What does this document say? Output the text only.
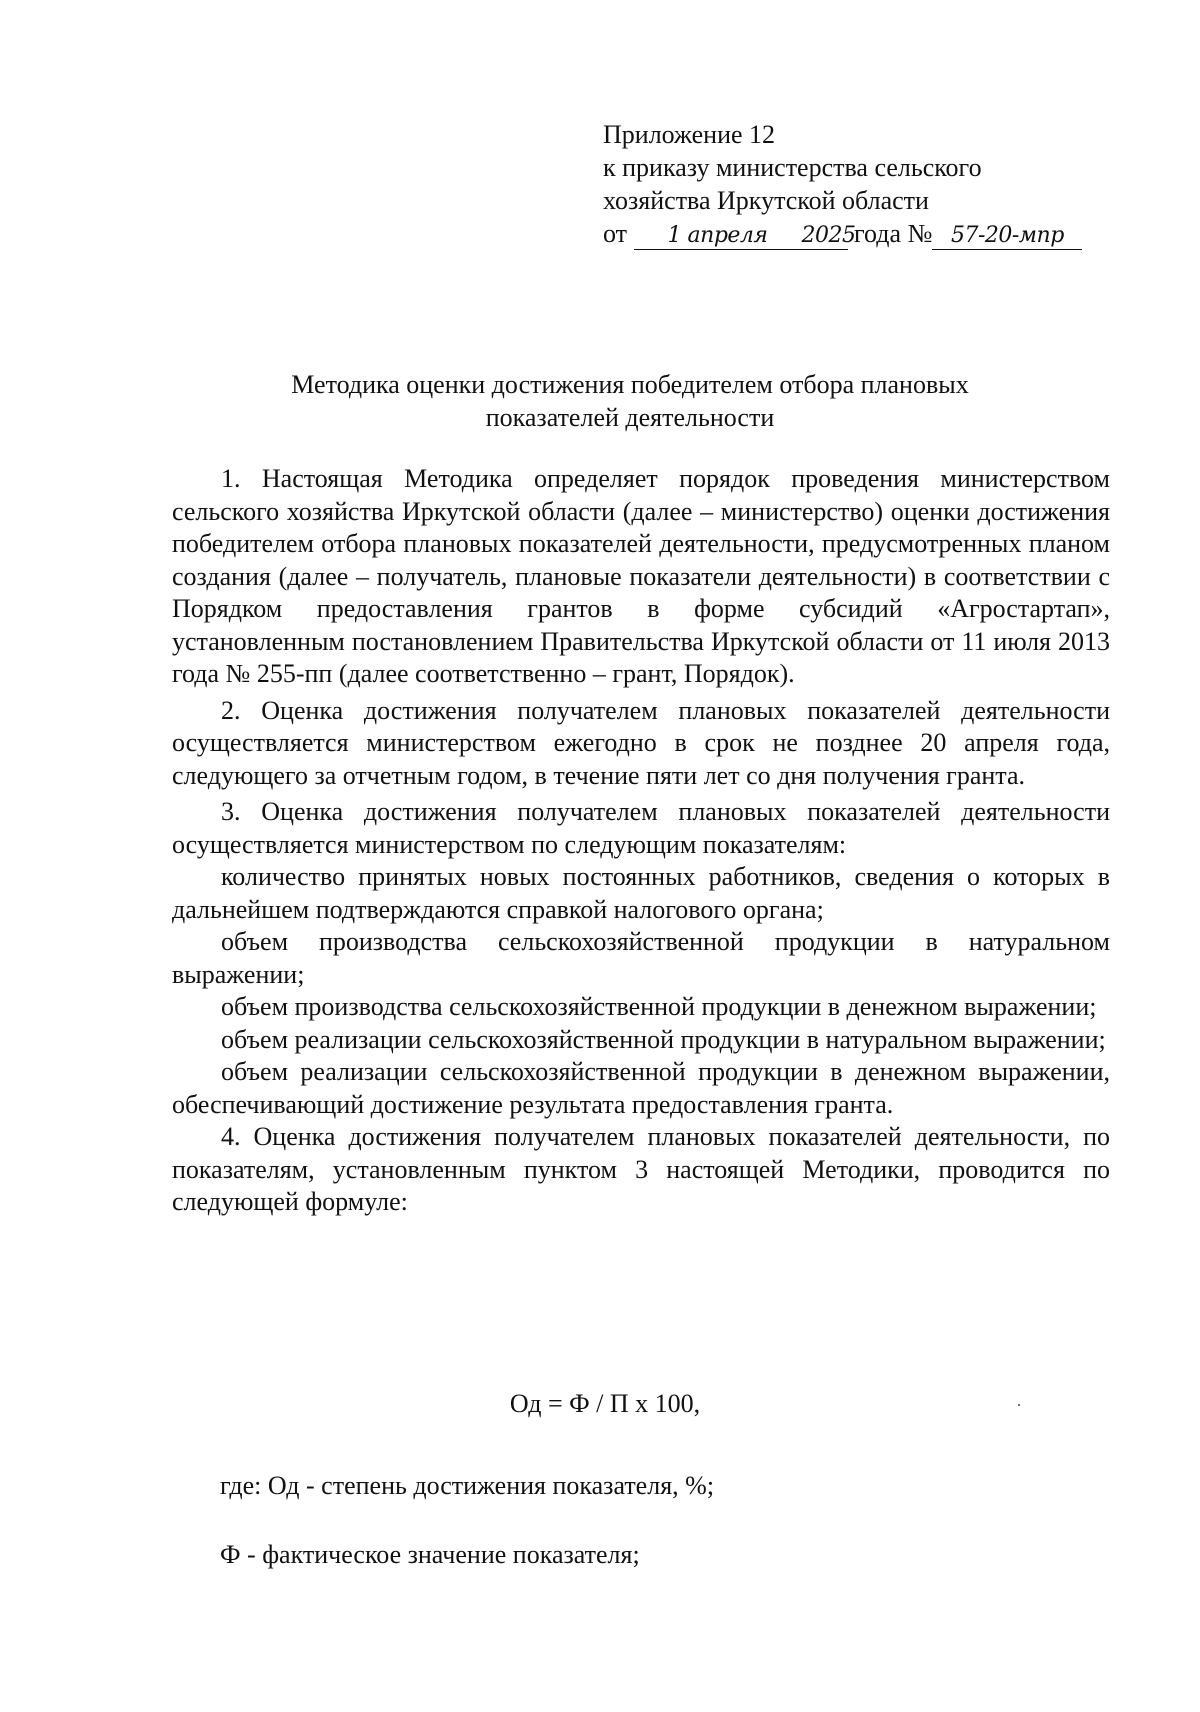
Приложение 12
к приказу министерства сельского
хозяйства Иркутской области
от 1 апреля 2025 года № 57-20-мпр
Методика оценки достижения победителем отбора плановых
показателей деятельности

1. Настоящая Методика определяет порядок проведения министерством сельского хозяйства Иркутской области (далее – министерство) оценки достижения победителем отбора плановых показателей деятельности, предусмотренных планом создания (далее – получатель, плановые показатели деятельности) в соответствии с Порядком предоставления грантов в форме субсидий «Агростартап», установленным постановлением Правительства Иркутской области от 11 июля 2013 года № 255-пп (далее соответственно – грант, Порядок).

2. Оценка достижения получателем плановых показателей деятельности осуществляется министерством ежегодно в срок не позднее 20 апреля года, следующего за отчетным годом, в течение пяти лет со дня получения гранта.

3. Оценка достижения получателем плановых показателей деятельности осуществляется министерством по следующим показателям:

количество принятых новых постоянных работников, сведения о которых в дальнейшем подтверждаются справкой налогового органа;

объем производства сельскохозяйственной продукции в натуральном выражении;

объем производства сельскохозяйственной продукции в денежном выражении;

объем реализации сельскохозяйственной продукции в натуральном выражении;

объем реализации сельскохозяйственной продукции в денежном выражении, обеспечивающий достижение результата предоставления гранта.

4. Оценка достижения получателем плановых показателей деятельности, по показателям, установленным пунктом 3 настоящей Методики, проводится по следующей формуле:

Од = Ф / П х 100,
где: Од - степень достижения показателя, %;
Ф - фактическое значение показателя;
